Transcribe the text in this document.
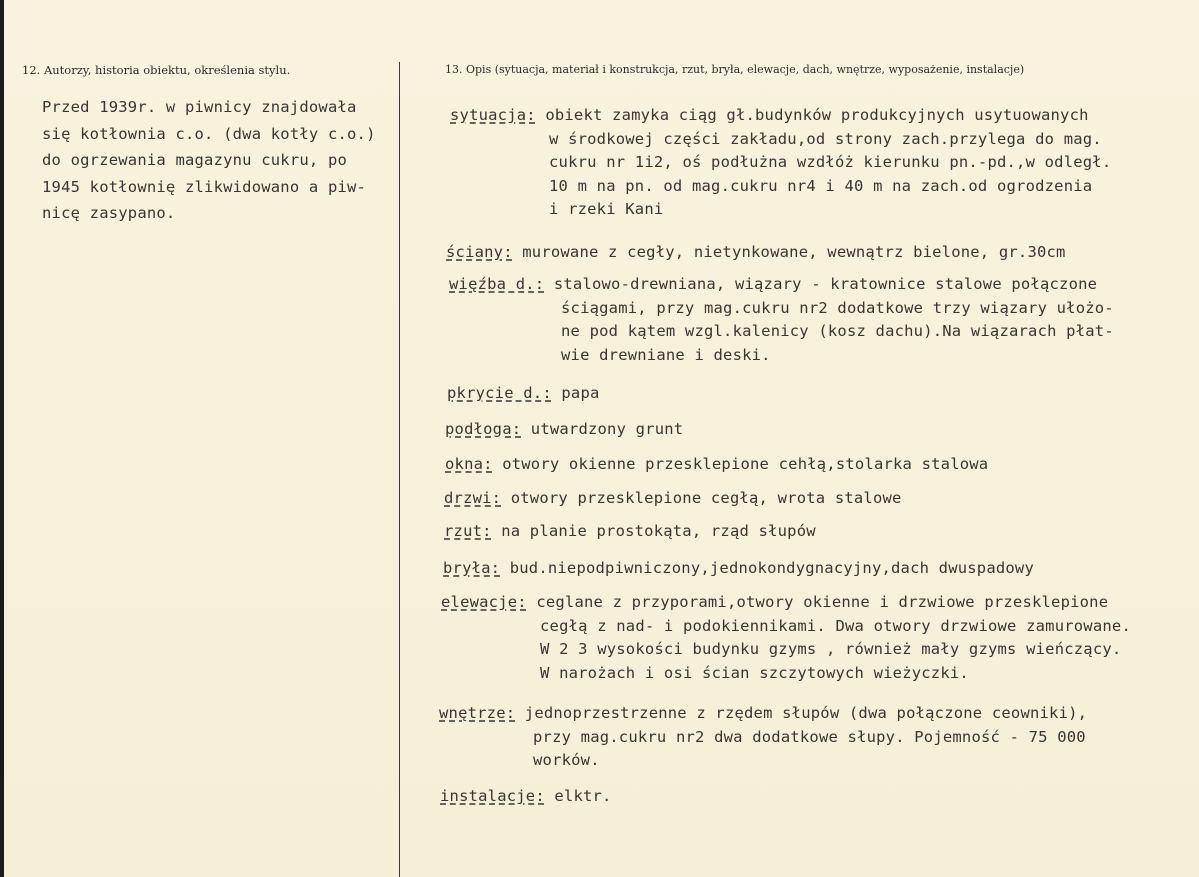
12. Autorzy, historia obiektu, określenia stylu.	13. Opis (sytuacja, materiał i konstrukcja, rzut, bryła, elewacje, dach, wnętrze, wyposażenie, instalacje)
Przed 1939r. w piwnicy znajdowała
się kotłownia c.o. (dwa kotły c.o.)
do ogrzewania magazynu cukru, po
1945 kotłownię zlikwidowano a piw-
nicę zasypano.
sytuacja: obiekt zamyka ciąg gł.budynków produkcyjnych usytuowanych
w środkowej części zakładu,od strony zach.przylega do mag.
cukru nr 1i2, oś podłużna wzdłóż kierunku pn.-pd.,w odległ.
10 m na pn. od mag.cukru nr4 i 40 m na zach.od ogrodzenia
i rzeki Kani
ściany: murowane z cegły, nietynkowane, wewnątrz bielone, gr.30cm
więźba d.: stalowo-drewniana, wiązary - kratownice stalowe połączone
ściągami, przy mag.cukru nr2 dodatkowe trzy wiązary ułożo-
ne pod kątem wzgl.kalenicy (kosz dachu).Na wiązarach płat-
wie drewniane i deski.
pkrycie d.: papa
podłoga: utwardzony grunt
okna: otwory okienne przesklepione cehłą,stolarka stalowa
drzwi: otwory przesklepione cegłą, wrota stalowe
rzut: na planie prostokąta, rząd słupów
bryła: bud.niepodpiwniczony,jednokondygnacyjny,dach dwuspadowy
elewacje: ceglane z przyporami,otwory okienne i drzwiowe przesklepione
cegłą z nad- i podokiennikami. Dwa otwory drzwiowe zamurowane.
W 2 3 wysokości budynku gzyms , również mały gzyms wieńczący.
W narożach i osi ścian szczytowych wieżyczki.
wnętrze: jednoprzestrzenne z rzędem słupów (dwa połączone ceowniki),
przy mag.cukru nr2 dwa dodatkowe słupy. Pojemność - 75 000
worków.
instalacje: elktr.
